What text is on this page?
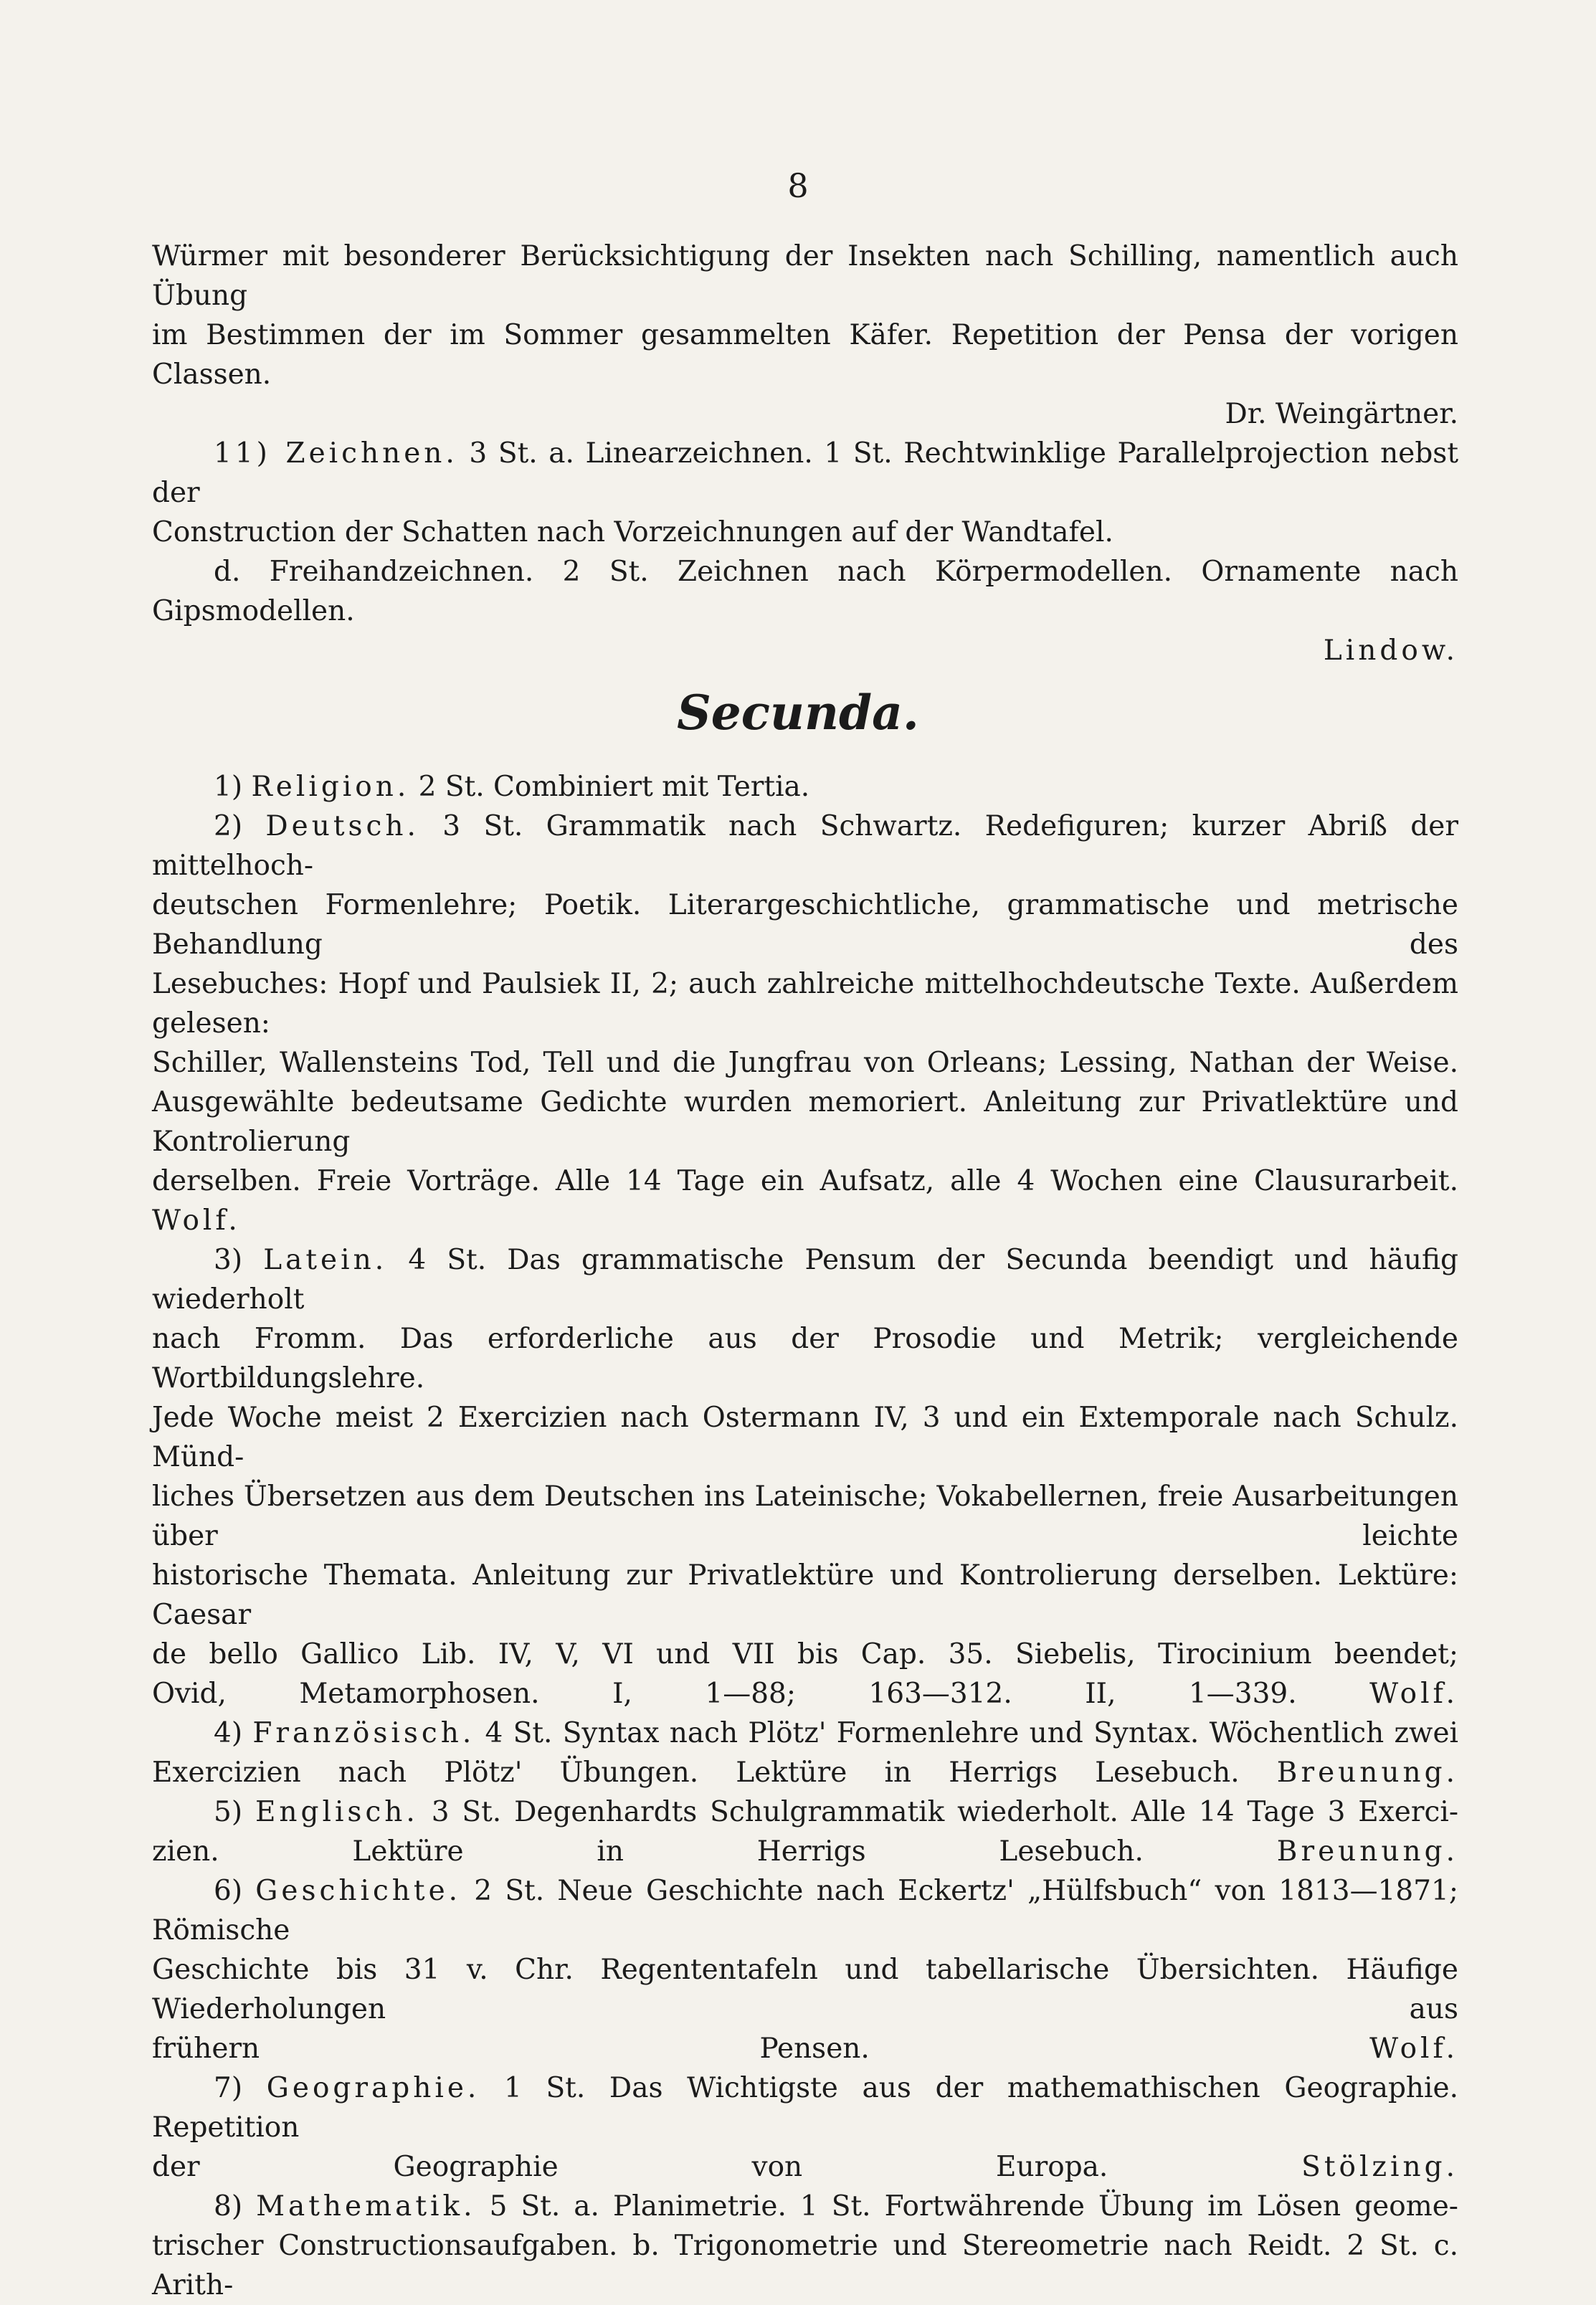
8

Würmer mit besonderer Berücksichtigung der Insekten nach Schilling, namentlich auch Übung

im Bestimmen der im Sommer gesammelten Käfer. Repetition der Pensa der vorigen Classen.

Dr. Weingärtner.

11) Zeichnen. 3 St. a. Linearzeichnen. 1 St. Rechtwinklige Parallelprojection nebst der

Construction der Schatten nach Vorzeichnungen auf der Wandtafel.

d. Freihandzeichnen. 2 St. Zeichnen nach Körpermodellen. Ornamente nach Gipsmodellen.

Lindow.

Secunda.

1) Religion. 2 St. Combiniert mit Tertia.

2) Deutsch. 3 St. Grammatik nach Schwartz. Redefiguren; kurzer Abriß der mittelhoch-

deutschen Formenlehre; Poetik. Literargeschichtliche, grammatische und metrische Behandlung des

Lesebuches: Hopf und Paulsiek II, 2; auch zahlreiche mittelhochdeutsche Texte. Außerdem gelesen:

Schiller, Wallensteins Tod, Tell und die Jungfrau von Orleans; Lessing, Nathan der Weise.

Ausgewählte bedeutsame Gedichte wurden memoriert. Anleitung zur Privatlektüre und Kontrolierung

derselben. Freie Vorträge. Alle 14 Tage ein Aufsatz, alle 4 Wochen eine Clausurarbeit. Wolf.

3) Latein. 4 St. Das grammatische Pensum der Secunda beendigt und häufig wiederholt

nach Fromm. Das erforderliche aus der Prosodie und Metrik; vergleichende Wortbildungslehre.

Jede Woche meist 2 Exercizien nach Ostermann IV, 3 und ein Extemporale nach Schulz. Münd-

liches Übersetzen aus dem Deutschen ins Lateinische; Vokabellernen, freie Ausarbeitungen über leichte

historische Themata. Anleitung zur Privatlektüre und Kontrolierung derselben. Lektüre: Caesar

de bello Gallico Lib. IV, V, VI und VII bis Cap. 35. Siebelis, Tirocinium beendet;

Ovid, Metamorphosen. I, 1—88; 163—312. II, 1—339.	Wolf.

4) Französisch. 4 St. Syntax nach Plötz' Formenlehre und Syntax. Wöchentlich zwei

Exercizien nach Plötz' Übungen. Lektüre in Herrigs Lesebuch. Breunung.

5) Englisch. 3 St. Degenhardts Schulgrammatik wiederholt. Alle 14 Tage 3 Exerci-

zien. Lektüre in Herrigs Lesebuch.	Breunung.

6) Geschichte. 2 St. Neue Geschichte nach Eckertz' „Hülfsbuch“ von 1813—1871; Römische

Geschichte bis 31 v. Chr. Regententafeln und tabellarische Übersichten. Häufige Wiederholungen aus

frühern Pensen.	Wolf.

7) Geographie. 1 St. Das Wichtigste aus der mathemathischen Geographie. Repetition

der Geographie von Europa.	Stölzing.

8) Mathematik. 5 St. a. Planimetrie. 1 St. Fortwährende Übung im Lösen geome-

trischer Constructionsaufgaben. b. Trigonometrie und Stereometrie nach Reidt. 2 St. c. Arith-
